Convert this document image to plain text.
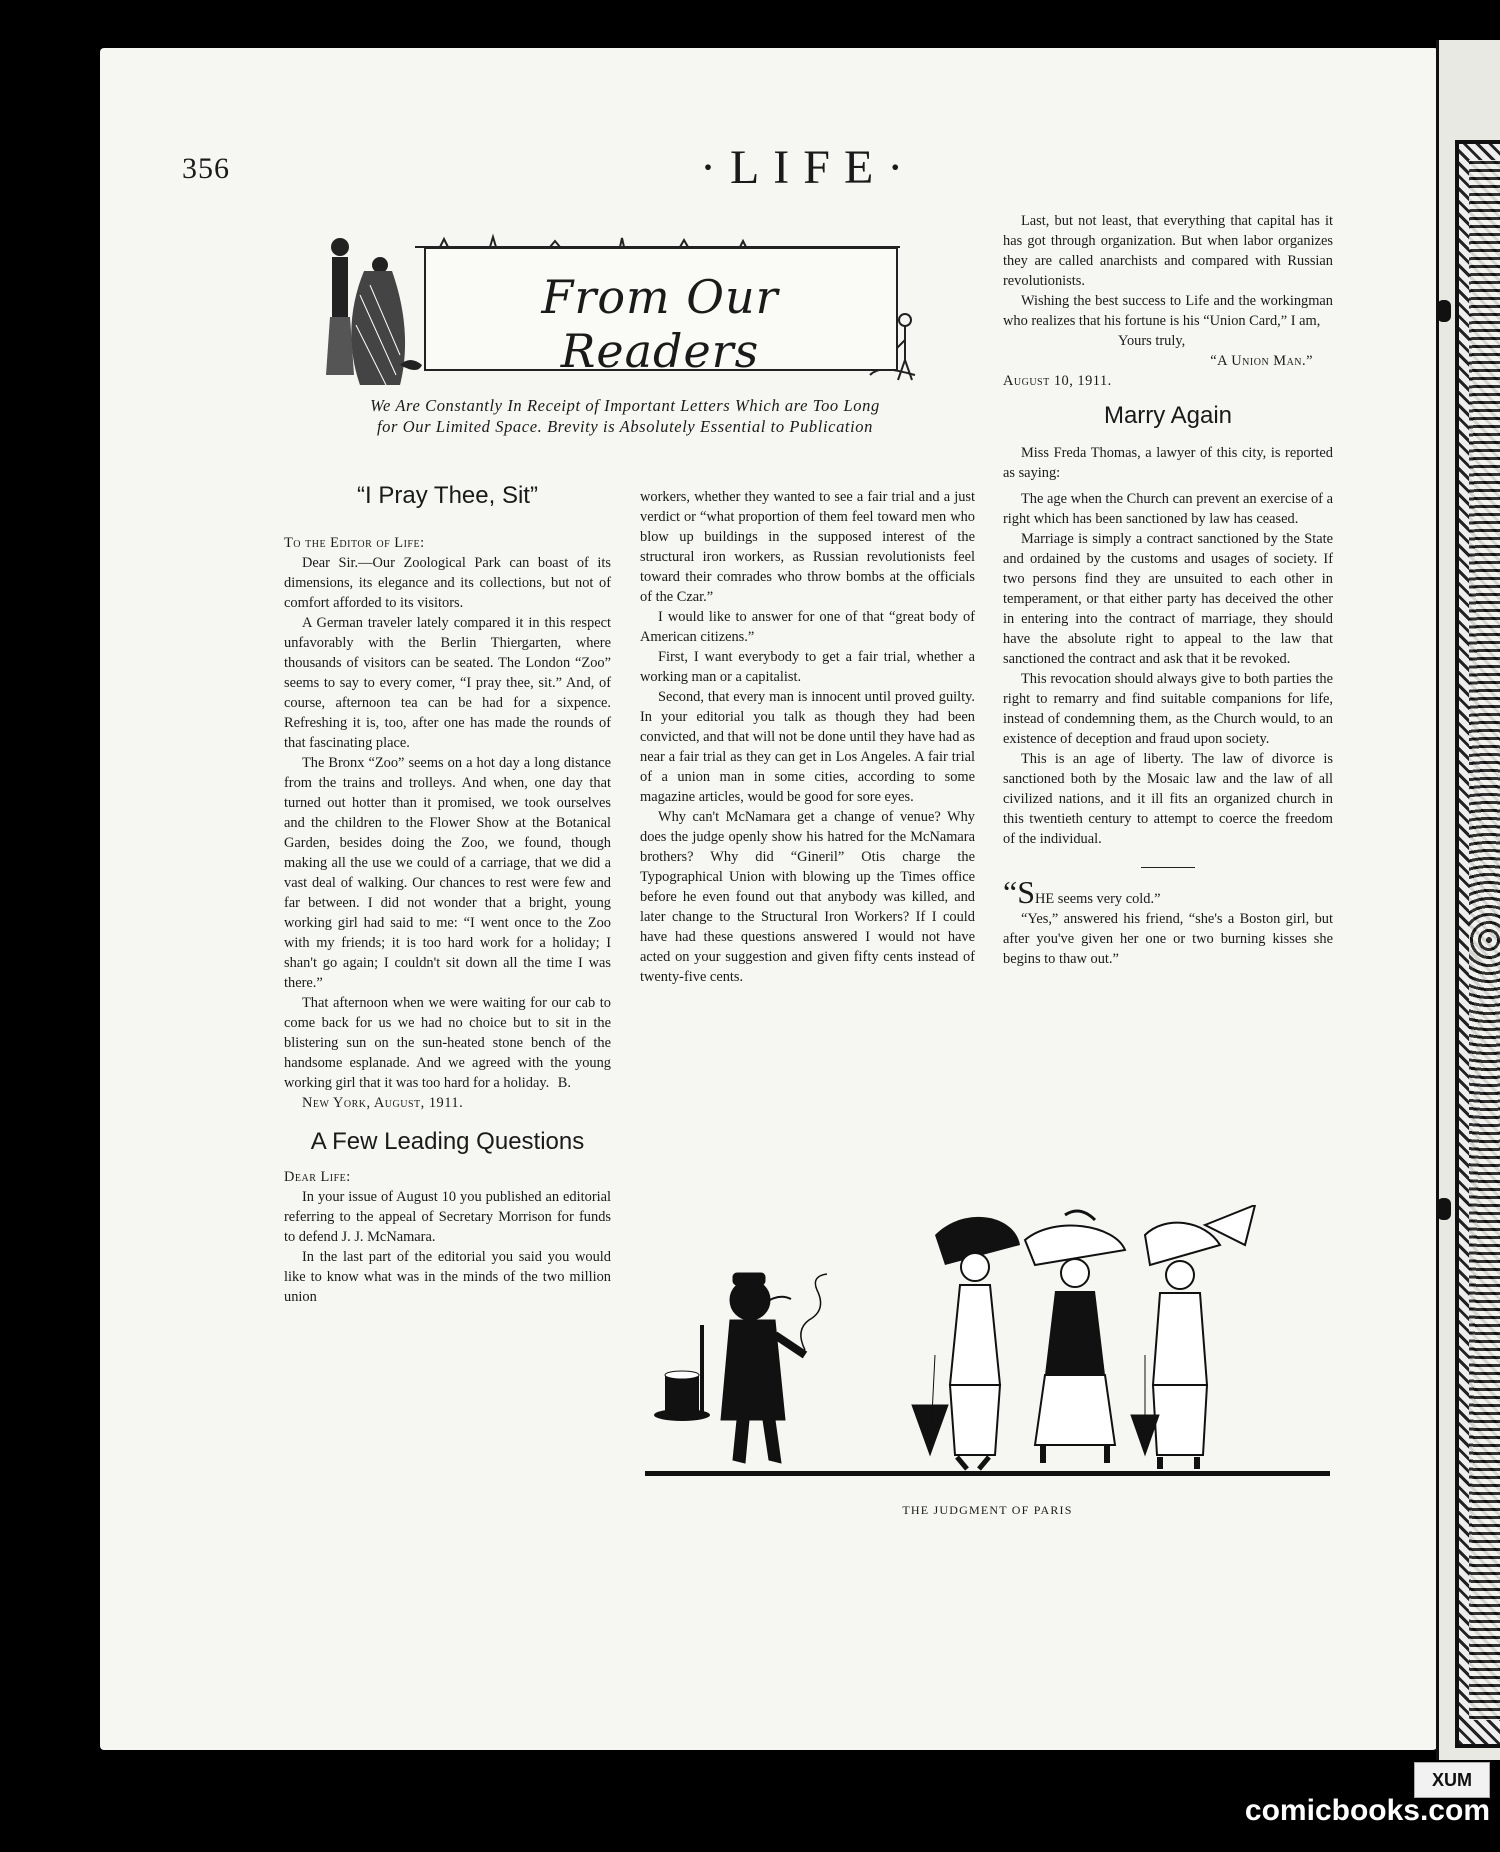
356	·LIFE·
From Our Readers
We Are Constantly In Receipt of Important Letters Which are Too Long for Our Limited Space. Brevity is Absolutely Essential to Publication

“I Pray Thee, Sit”

To the Editor of Life:

Dear Sir.—Our Zoological Park can boast of its dimensions, its elegance and its collections, but not of comfort afforded to its visitors.

A German traveler lately compared it in this respect unfavorably with the Berlin Thiergarten, where thousands of visitors can be seated. The London “Zoo” seems to say to every comer, “I pray thee, sit.” And, of course, afternoon tea can be had for a sixpence. Refreshing it is, too, after one has made the rounds of that fascinating place.

The Bronx “Zoo” seems on a hot day a long distance from the trains and trolleys. And when, one day that turned out hotter than it promised, we took ourselves and the children to the Flower Show at the Botanical Garden, besides doing the Zoo, we found, though making all the use we could of a carriage, that we did a vast deal of walking. Our chances to rest were few and far between. I did not wonder that a bright, young working girl had said to me: “I went once to the Zoo with my friends; it is too hard work for a holiday; I shan't go again; I couldn't sit down all the time I was there.”

That afternoon when we were waiting for our cab to come back for us we had no choice but to sit in the blistering sun on the sun-heated stone bench of the handsome esplanade. And we agreed with the young working girl that it was too hard for a holiday. B.

New York, August, 1911.

A Few Leading Questions

Dear Life:

In your issue of August 10 you published an editorial referring to the appeal of Secretary Morrison for funds to defend J. J. McNamara.

In the last part of the editorial you said you would like to know what was in the minds of the two million union

workers, whether they wanted to see a fair trial and a just verdict or “what proportion of them feel toward men who blow up buildings in the supposed interest of the structural iron workers, as Russian revolutionists feel toward their comrades who throw bombs at the officials of the Czar.”

I would like to answer for one of that “great body of American citizens.”

First, I want everybody to get a fair trial, whether a working man or a capitalist.

Second, that every man is innocent until proved guilty. In your editorial you talk as though they had been convicted, and that will not be done until they have had as near a fair trial as they can get in Los Angeles. A fair trial of a union man in some cities, according to some magazine articles, would be good for sore eyes.

Why can't McNamara get a change of venue? Why does the judge openly show his hatred for the McNamara brothers? Why did “Gineril” Otis charge the Typographical Union with blowing up the Times office before he even found out that anybody was killed, and later change to the Structural Iron Workers? If I could have had these questions answered I would not have acted on your suggestion and given fifty cents instead of twenty-five cents.

Last, but not least, that everything that capital has it has got through organization. But when labor organizes they are called anarchists and compared with Russian revolutionists.

Wishing the best success to Life and the workingman who realizes that his fortune is his “Union Card,” I am,

Yours truly,

“A Union Man.”

August 10, 1911.

Marry Again

Miss Freda Thomas, a lawyer of this city, is reported as saying:

The age when the Church can prevent an exercise of a right which has been sanctioned by law has ceased.

Marriage is simply a contract sanctioned by the State and ordained by the customs and usages of society. If two persons find they are unsuited to each other in temperament, or that either party has deceived the other in entering into the contract of marriage, they should have the absolute right to appeal to the law that sanctioned the contract and ask that it be revoked.

This revocation should always give to both parties the right to remarry and find suitable companions for life, instead of condemning them, as the Church would, to an existence of deception and fraud upon society.

This is an age of liberty. The law of divorce is sanctioned both by the Mosaic law and the law of all civilized nations, and it ill fits an organized church in this twentieth century to attempt to coerce the freedom of the individual.

“SHE seems very cold.”

“Yes,” answered his friend, “she's a Boston girl, but after you've given her one or two burning kisses she begins to thaw out.”

THE JUDGMENT OF PARIS
XUM
comicbooks.com
